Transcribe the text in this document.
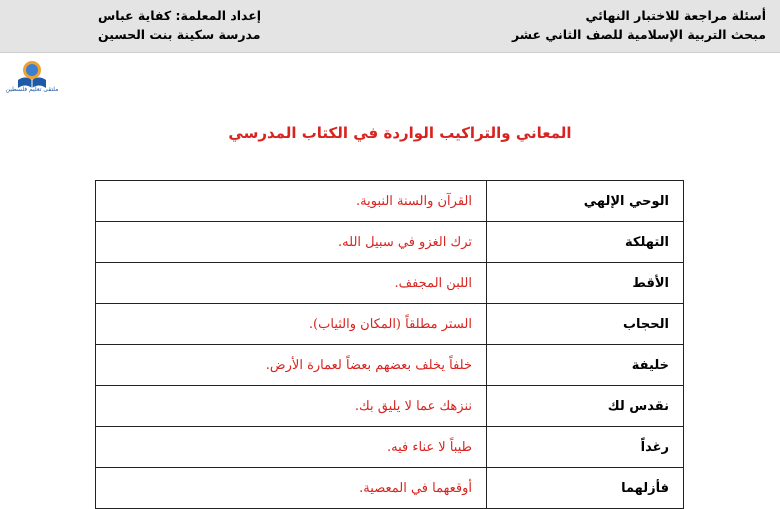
أسئلة مراجعة للاختبار النهائي
مبحث التربية الإسلامية للصف الثاني عشر
إعداد المعلمة: كفاية عباس
مدرسة سكينة بنت الحسين
ملتقى تعليم فلسطين
المعاني والتراكيب الواردة في الكتاب المدرسي
الوحي الإلهي	القرآن والسنة النبوية.
التهلكة	ترك الغزو في سبيل الله.
الأقط	اللبن المجفف.
الحجاب	الستر مطلقاً (المكان والثياب).
خليفة	خلفاً يخلف بعضهم بعضاً لعمارة الأرض.
نقدس لك	ننزهك عما لا يليق بك.
رغداً	طيباً لا عناء فيه.
فأزلهما	أوقعهما في المعصية.
